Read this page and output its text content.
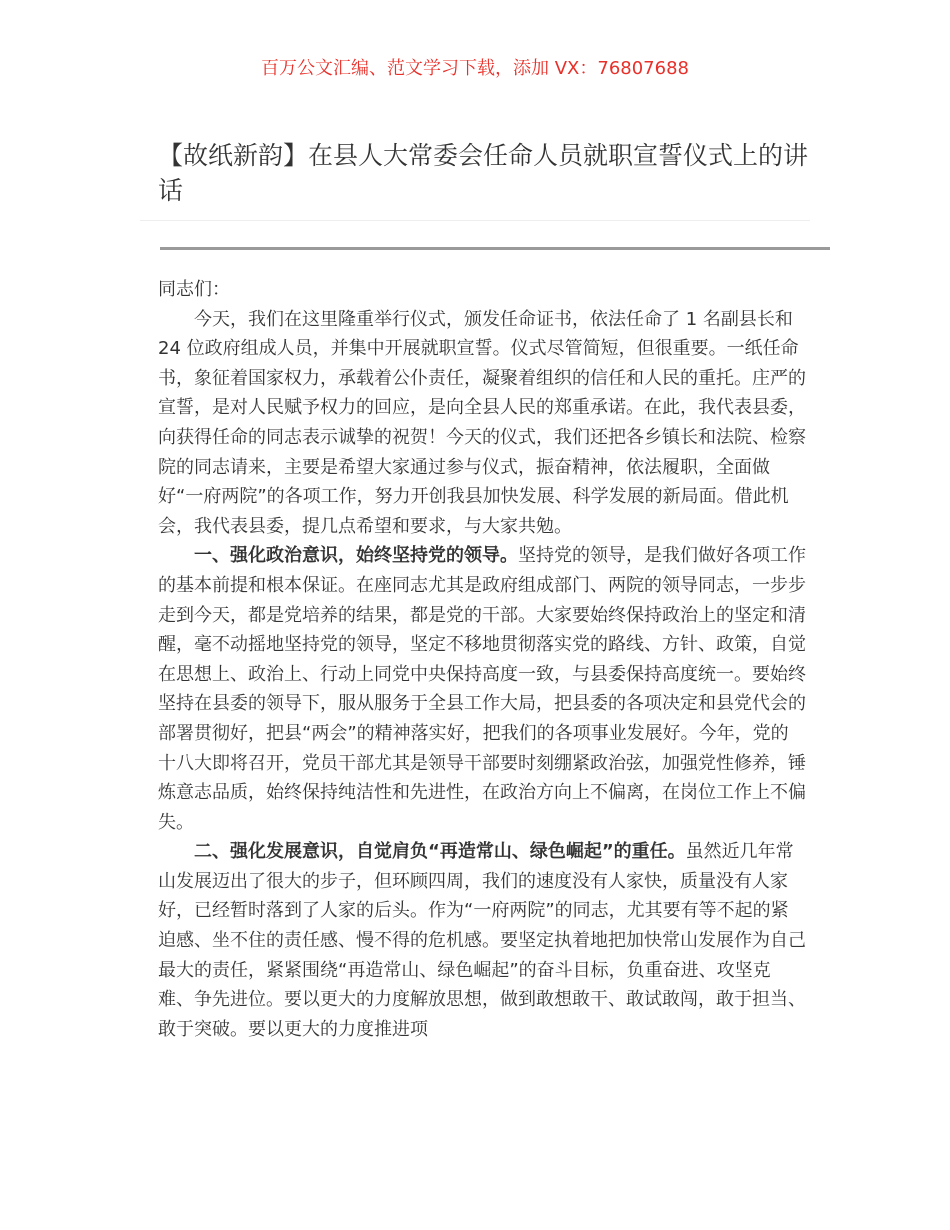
百万公文汇编、范文学习下载，添加 VX：76807688
【故纸新韵】在县人大常委会任命人员就职宣誓仪式上的讲话

同志们：

今天，我们在这里隆重举行仪式，颁发任命证书，依法任命了 1 名副县长和 24 位政府组成人员，并集中开展就职宣誓。仪式尽管简短，但很重要。一纸任命书，象征着国家权力，承载着公仆责任，凝聚着组织的信任和人民的重托。庄严的宣誓，是对人民赋予权力的回应，是向全县人民的郑重承诺。在此，我代表县委，向获得任命的同志表示诚挚的祝贺！今天的仪式，我们还把各乡镇长和法院、检察院的同志请来，主要是希望大家通过参与仪式，振奋精神，依法履职，全面做好“一府两院”的各项工作，努力开创我县加快发展、科学发展的新局面。借此机会，我代表县委，提几点希望和要求，与大家共勉。

一、强化政治意识，始终坚持党的领导。坚持党的领导，是我们做好各项工作的基本前提和根本保证。在座同志尤其是政府组成部门、两院的领导同志，一步步走到今天，都是党培养的结果，都是党的干部。大家要始终保持政治上的坚定和清醒，毫不动摇地坚持党的领导，坚定不移地贯彻落实党的路线、方针、政策，自觉在思想上、政治上、行动上同党中央保持高度一致，与县委保持高度统一。要始终坚持在县委的领导下，服从服务于全县工作大局，把县委的各项决定和县党代会的部署贯彻好，把县“两会”的精神落实好，把我们的各项事业发展好。今年，党的十八大即将召开，党员干部尤其是领导干部要时刻绷紧政治弦，加强党性修养，锤炼意志品质，始终保持纯洁性和先进性，在政治方向上不偏离，在岗位工作上不偏失。

二、强化发展意识，自觉肩负“再造常山、绿色崛起”的重任。虽然近几年常山发展迈出了很大的步子，但环顾四周，我们的速度没有人家快，质量没有人家好，已经暂时落到了人家的后头。作为“一府两院”的同志，尤其要有等不起的紧迫感、坐不住的责任感、慢不得的危机感。要坚定执着地把加快常山发展作为自己最大的责任，紧紧围绕“再造常山、绿色崛起”的奋斗目标，负重奋进、攻坚克难、争先进位。要以更大的力度解放思想，做到敢想敢干、敢试敢闯，敢于担当、敢于突破。要以更大的力度推进项
